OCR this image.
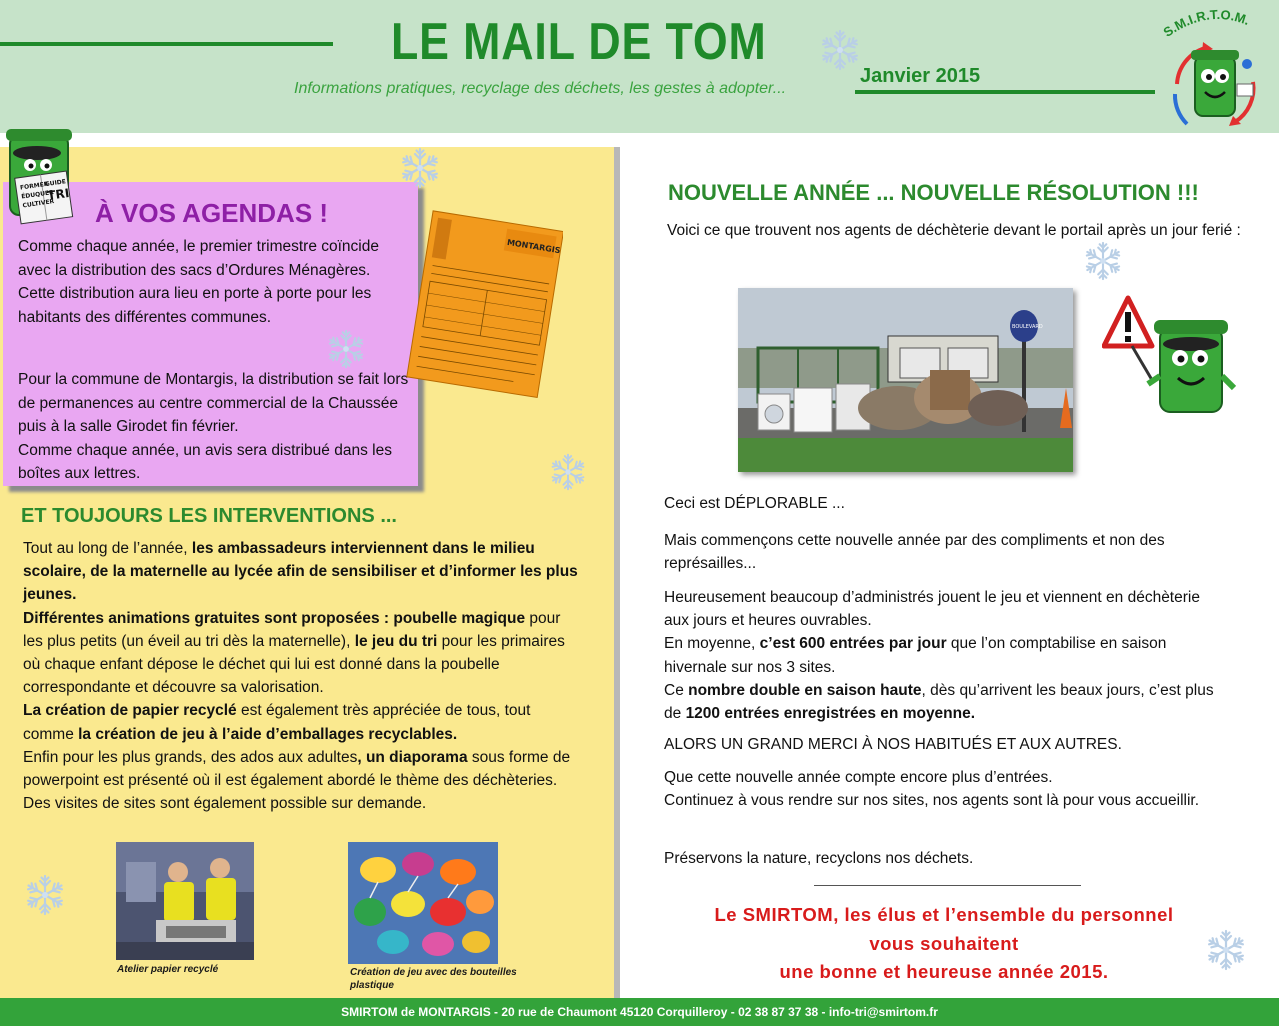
LE MAIL DE TOM
Informations pratiques, recyclage des déchets, les gestes à adopter...
Janvier 2015
S.M.I.R.T.O.M.
À VOS AGENDAS !
Comme chaque année, le premier trimestre coïncide avec la distribution des sacs d’Ordures Ménagères.
Cette distribution aura lieu en porte à porte pour les habitants des différentes communes.
Pour la commune de Montargis, la distribution se fait lors de permanences au centre commercial de la Chaussée puis à la salle Girodet fin février.
Comme chaque année, un avis sera distribué dans les boîtes aux lettres.
FORMER
ÉDUQUER
CULTIVER
GUIDE
TRI
MONTARGIS
ET TOUJOURS LES INTERVENTIONS ...
Tout au long de l’année, les ambassadeurs interviennent dans le milieu scolaire, de la maternelle au lycée afin de sensibiliser et d’informer les plus jeunes.
Différentes animations gratuites sont proposées : poubelle magique pour les plus petits (un éveil au tri dès la maternelle), le jeu du tri pour les primaires où chaque enfant dépose le déchet qui lui est donné dans la poubelle correspondante et découvre sa valorisation.
La création de papier recyclé est également très appréciée de tous, tout comme la création de jeu à l’aide d’emballages recyclables.
Enfin pour les plus grands, des ados aux adultes, un diaporama sous forme de powerpoint est présenté où il est également abordé le thème des déchèteries. Des visites de sites sont également possible sur demande.
Atelier papier recyclé	Création de jeu avec des bouteilles plastique
NOUVELLE ANNÉE ... NOUVELLE RÉSOLUTION !!!
Voici ce que trouvent nos agents de déchèterie devant le portail après un jour ferié :
BOULEVARD
Ceci est DÉPLORABLE ...
Mais commençons cette nouvelle année par des compliments et non des représailles...
Heureusement beaucoup d’administrés jouent le jeu et viennent en déchèterie aux jours et heures ouvrables.
En moyenne, c’est 600 entrées par jour que l’on comptabilise en saison hivernale sur nos 3 sites.
Ce nombre double en saison haute, dès qu’arrivent les beaux jours, c’est plus de 1200 entrées enregistrées en moyenne.
ALORS UN GRAND MERCI À NOS HABITUÉS ET AUX AUTRES.
Que cette nouvelle année compte encore plus d’entrées.
Continuez à vous rendre sur nos sites, nos agents sont là pour vous accueillir.
Préservons la nature, recyclons nos déchets.
Le SMIRTOM, les élus et l’ensemble du personnel
vous souhaitent
une bonne et heureuse année 2015.
SMIRTOM de MONTARGIS - 20 rue de Chaumont 45120 Corquilleroy - 02 38 87 37 38 - info-tri@smirtom.fr
